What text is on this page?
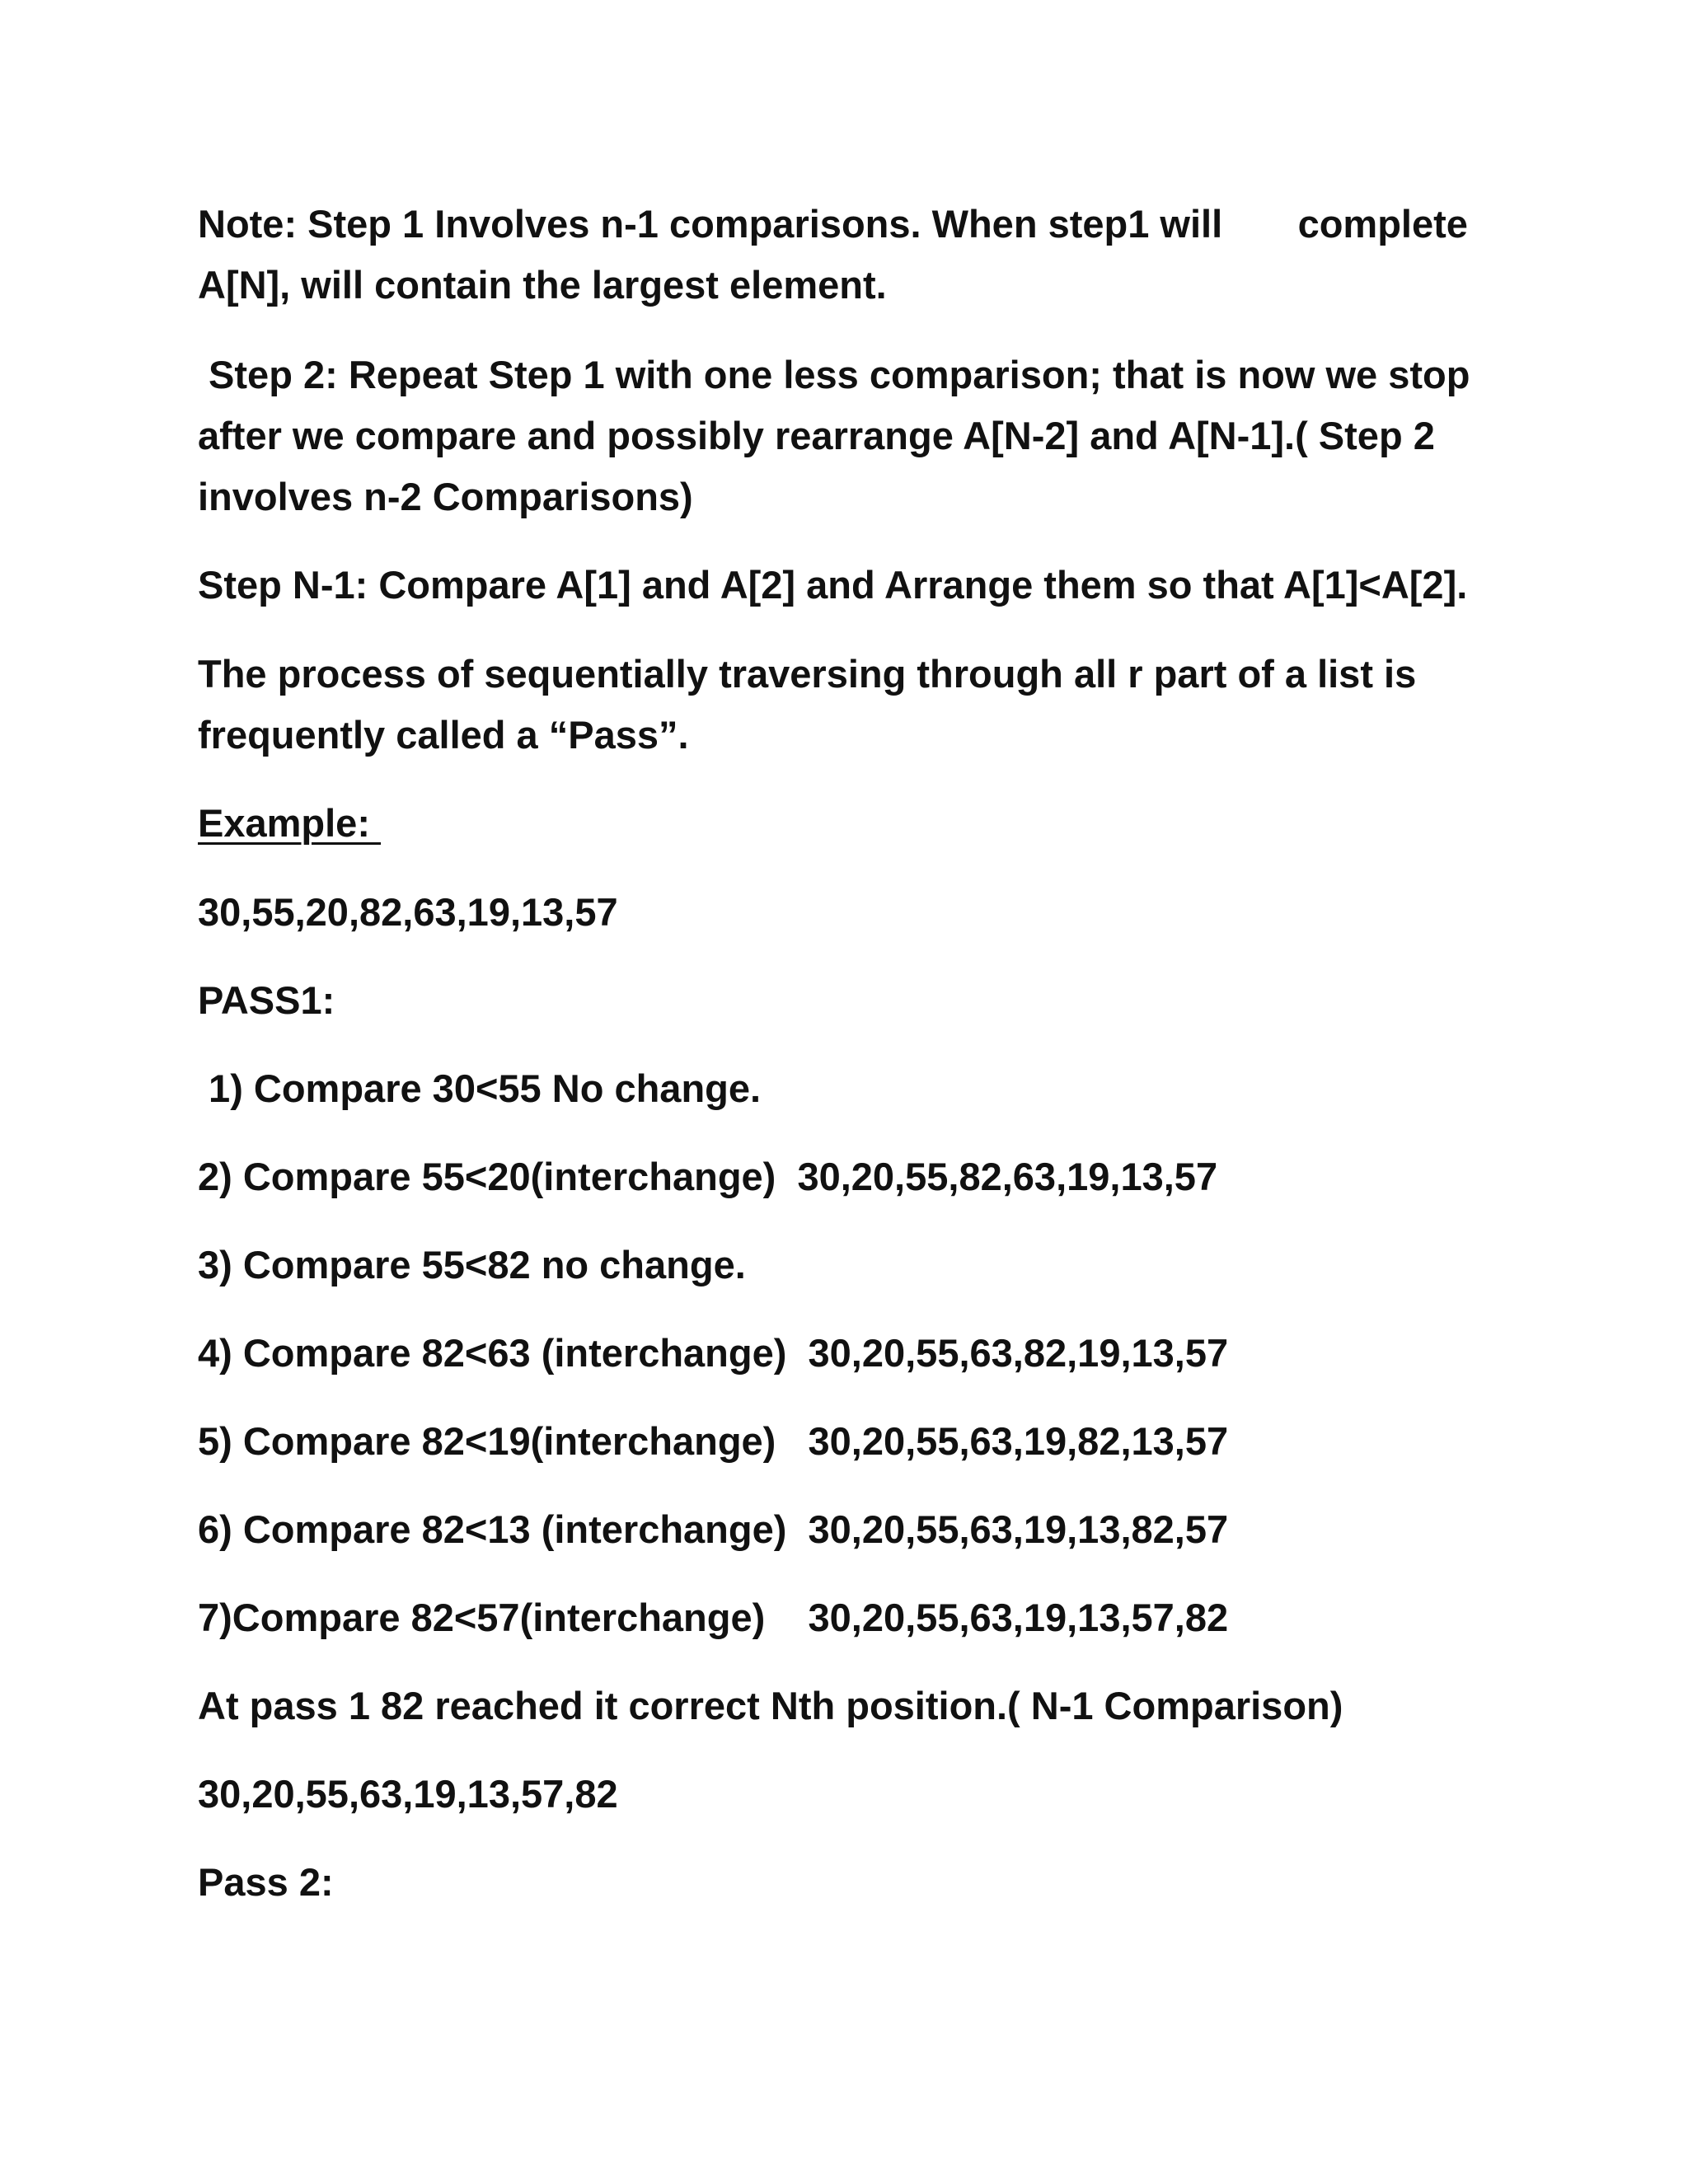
Note: Step 1 Involves n-1 comparisons. When step1 will       complete

A[N], will contain the largest element.

Step 2: Repeat Step 1 with one less comparison; that is now we stop

after we compare and possibly rearrange A[N-2] and A[N-1].( Step 2

involves n-2 Comparisons)

Step N-1: Compare A[1] and A[2] and Arrange them so that A[1]<A[2].

The process of sequentially traversing through all r part of a list is

frequently called a “Pass”.

Example:

30,55,20,82,63,19,13,57

PASS1:

1) Compare 30<55 No change.

2) Compare 55<20(interchange)  30,20,55,82,63,19,13,57

3) Compare 55<82 no change.

4) Compare 82<63 (interchange)  30,20,55,63,82,19,13,57

5) Compare 82<19(interchange)   30,20,55,63,19,82,13,57

6) Compare 82<13 (interchange)  30,20,55,63,19,13,82,57

7)Compare 82<57(interchange)    30,20,55,63,19,13,57,82

At pass 1 82 reached it correct Nth position.( N-1 Comparison)

30,20,55,63,19,13,57,82

Pass 2:
